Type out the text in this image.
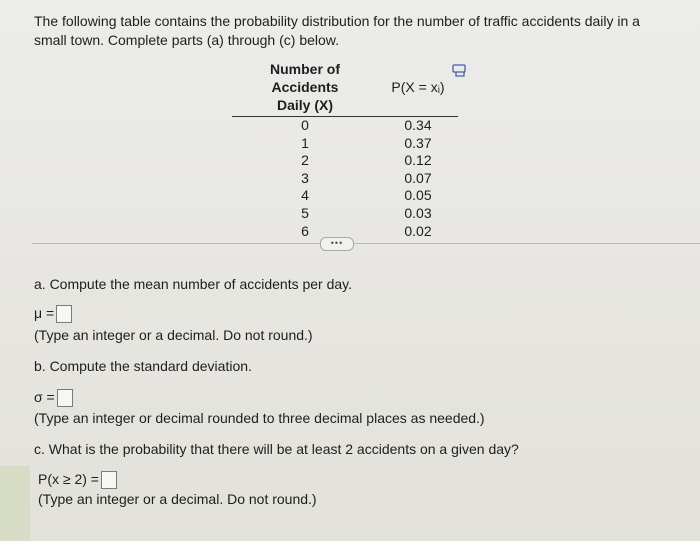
The following table contains the probability distribution for the number of traffic accidents daily in a small town. Complete parts (a) through (c) below.
Number of Accidents
Daily (X)	P(X = xᵢ)
0	0.34
1	0.37
2	0.12
3	0.07
4	0.05
5	0.03
6	0.02
•••
a. Compute the mean number of accidents per day.
μ =
(Type an integer or a decimal. Do not round.)
b. Compute the standard deviation.
σ =
(Type an integer or decimal rounded to three decimal places as needed.)
c. What is the probability that there will be at least 2 accidents on a given day?
P(x ≥ 2) =
(Type an integer or a decimal. Do not round.)
